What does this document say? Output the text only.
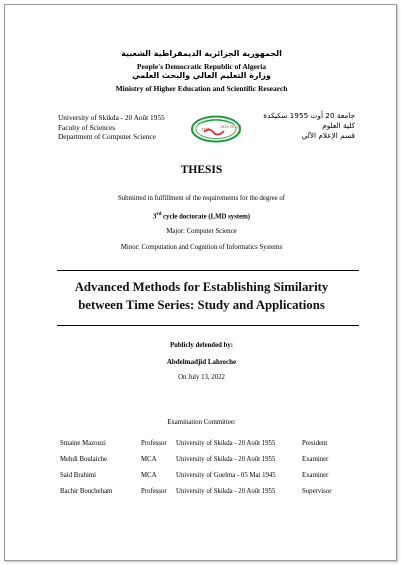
الجمهورية الجزائرية الديمقراطية الشعبية
People's Democratic Republic of Algeria
وزارة التعليم العالي والبحث العلمي
Ministry of Higher Education and Scientific Research
University of Skikda - 20 Août 1955
Faculty of Sciences
Department of Computer Science
1955
1955 أوت 20
جامعة 20 أوت 1955 سكيكدة
كلية العلوم
قسم الإعلام الآلي
THESIS
Submitted in fulfillment of the requirements for the degree of
3rd cycle doctorate (LMD system)
Major: Computer Science
Minor: Computation and Cognition of Informatics Systems
Advanced Methods for Establishing Similarity
between Time Series: Study and Applications
Publicly defended by:
Abdelmadjid Lahreche
On July 13, 2022
Examination Committee:
Smaine Mazouzi	Professor	University of Skikda - 20 Août 1955	President
Mehdi Boulaiche	MCA	University of Skikda - 20 Août 1955	Examiner
Said Brahimi	MCA	University of Guelma - 05 Mai 1945	Examiner
Bachir Boucheham	Professor	University of Skikda - 20 Août 1955	Supervisor
